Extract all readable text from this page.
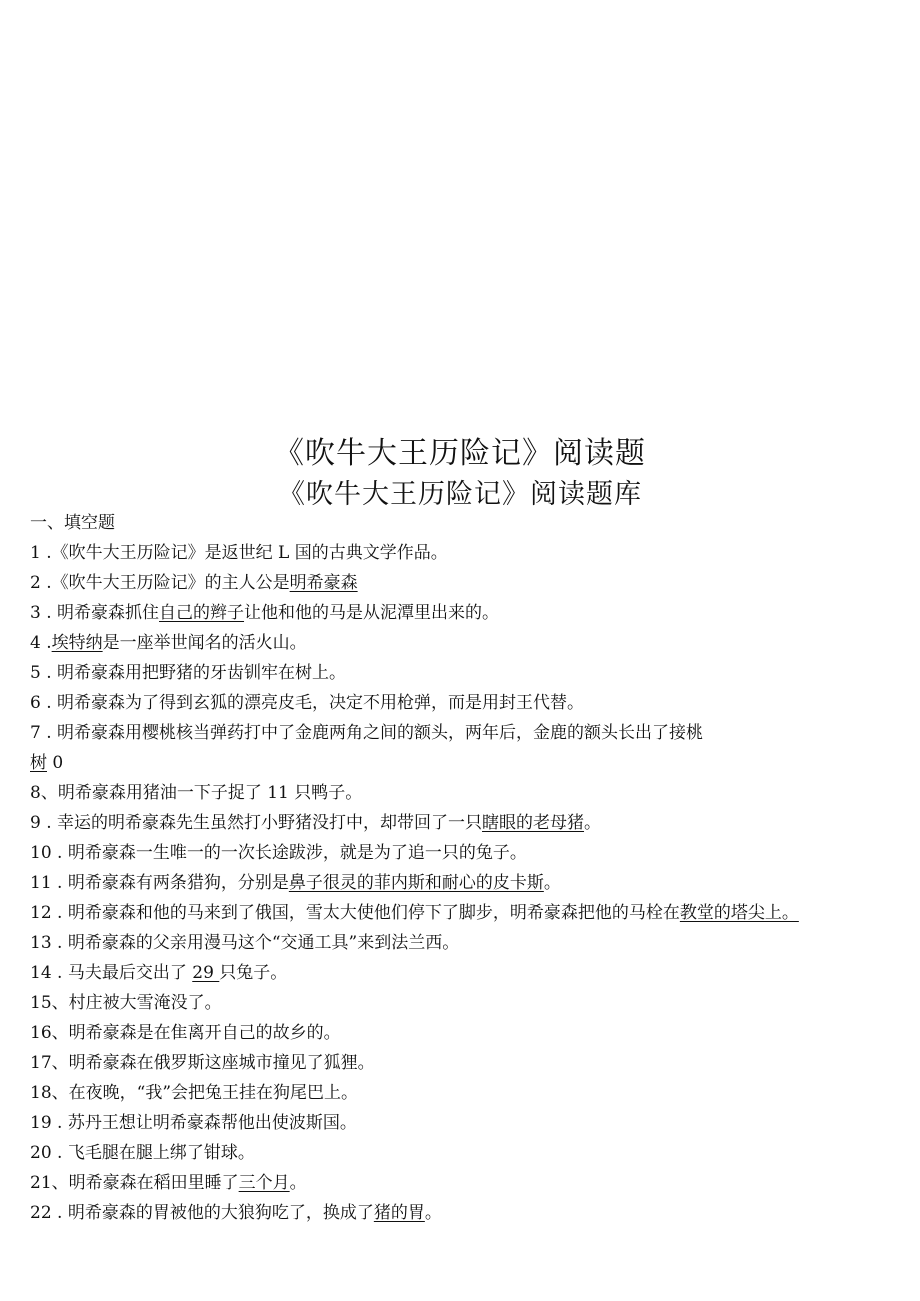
《吹牛大王历险记》阅读题
《吹牛大王历险记》阅读题库
一、填空题
1 .《吹牛大王历险记》是返世纪 L 国的古典文学作品。
2 .《吹牛大王历险记》的主人公是明希豪森
3 . 明希豪森抓住自己的辫子让他和他的马是从泥潭里出来的。
4 .埃特纳是一座举世闻名的活火山。
5 . 明希豪森用把野猪的牙齿钏牢在树上。
6 . 明希豪森为了得到玄狐的漂亮皮毛，决定不用枪弹，而是用封王代替。
7 . 明希豪森用樱桃核当弹药打中了金鹿两角之间的额头，两年后，金鹿的额头长出了接桃
树 0
8、明希豪森用猪油一下子捉了 11 只鸭子。
9 . 幸运的明希豪森先生虽然打小野猪没打中，却带回了一只瞎眼的老母猪。
10 . 明希豪森一生唯一的一次长途跋涉，就是为了追一只的兔子。
11 . 明希豪森有两条猎狗，分别是鼻子很灵的菲内斯和耐心的皮卡斯。
12 . 明希豪森和他的马来到了俄国，雪太大使他们停下了脚步，明希豪森把他的马栓在教堂的塔尖上。
13 . 明希豪森的父亲用漫马这个“交通工具”来到法兰西。
14 . 马夫最后交出了 29 只兔子。
15、村庄被大雪淹没了。
16、明希豪森是在隹离开自己的故乡的。
17、明希豪森在俄罗斯这座城市撞见了狐狸。
18、在夜晚，“我”会把兔王挂在狗尾巴上。
19 . 苏丹王想让明希豪森帮他出使波斯国。
20 . 飞毛腿在腿上绑了钳球。
21、明希豪森在稻田里睡了三个月。
22 . 明希豪森的胃被他的大狼狗吃了，换成了猪的胃。
